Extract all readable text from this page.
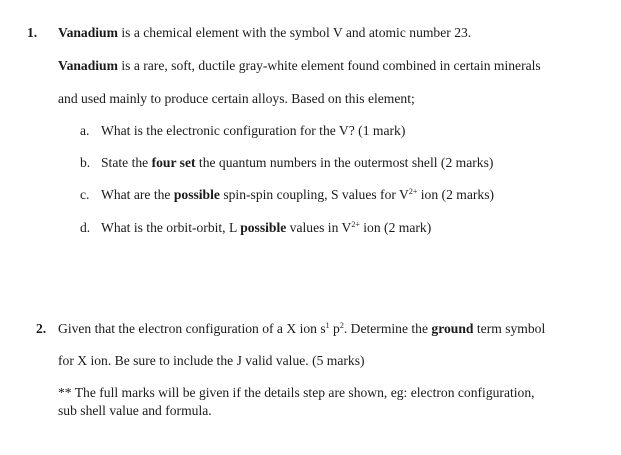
1. Vanadium is a chemical element with the symbol V and atomic number 23.
Vanadium is a rare, soft, ductile gray-white element found combined in certain minerals
and used mainly to produce certain alloys. Based on this element;
a. What is the electronic configuration for the V? (1 mark)
b. State the four set the quantum numbers in the outermost shell (2 marks)
c. What are the possible spin-spin coupling, S values for $V^{2+}$ ion (2 marks)
d. What is the orbit-orbit, L possible values in $V^{2+}$ ion (2 mark)
2. Given that the electron configuration of a X ion $s^1$ $p^2$. Determine the ground term symbol
for X ion. Be sure to include the J valid value. (5 marks)
** The full marks will be given if the details step are shown, eg: electron configuration,
sub shell value and formula.
